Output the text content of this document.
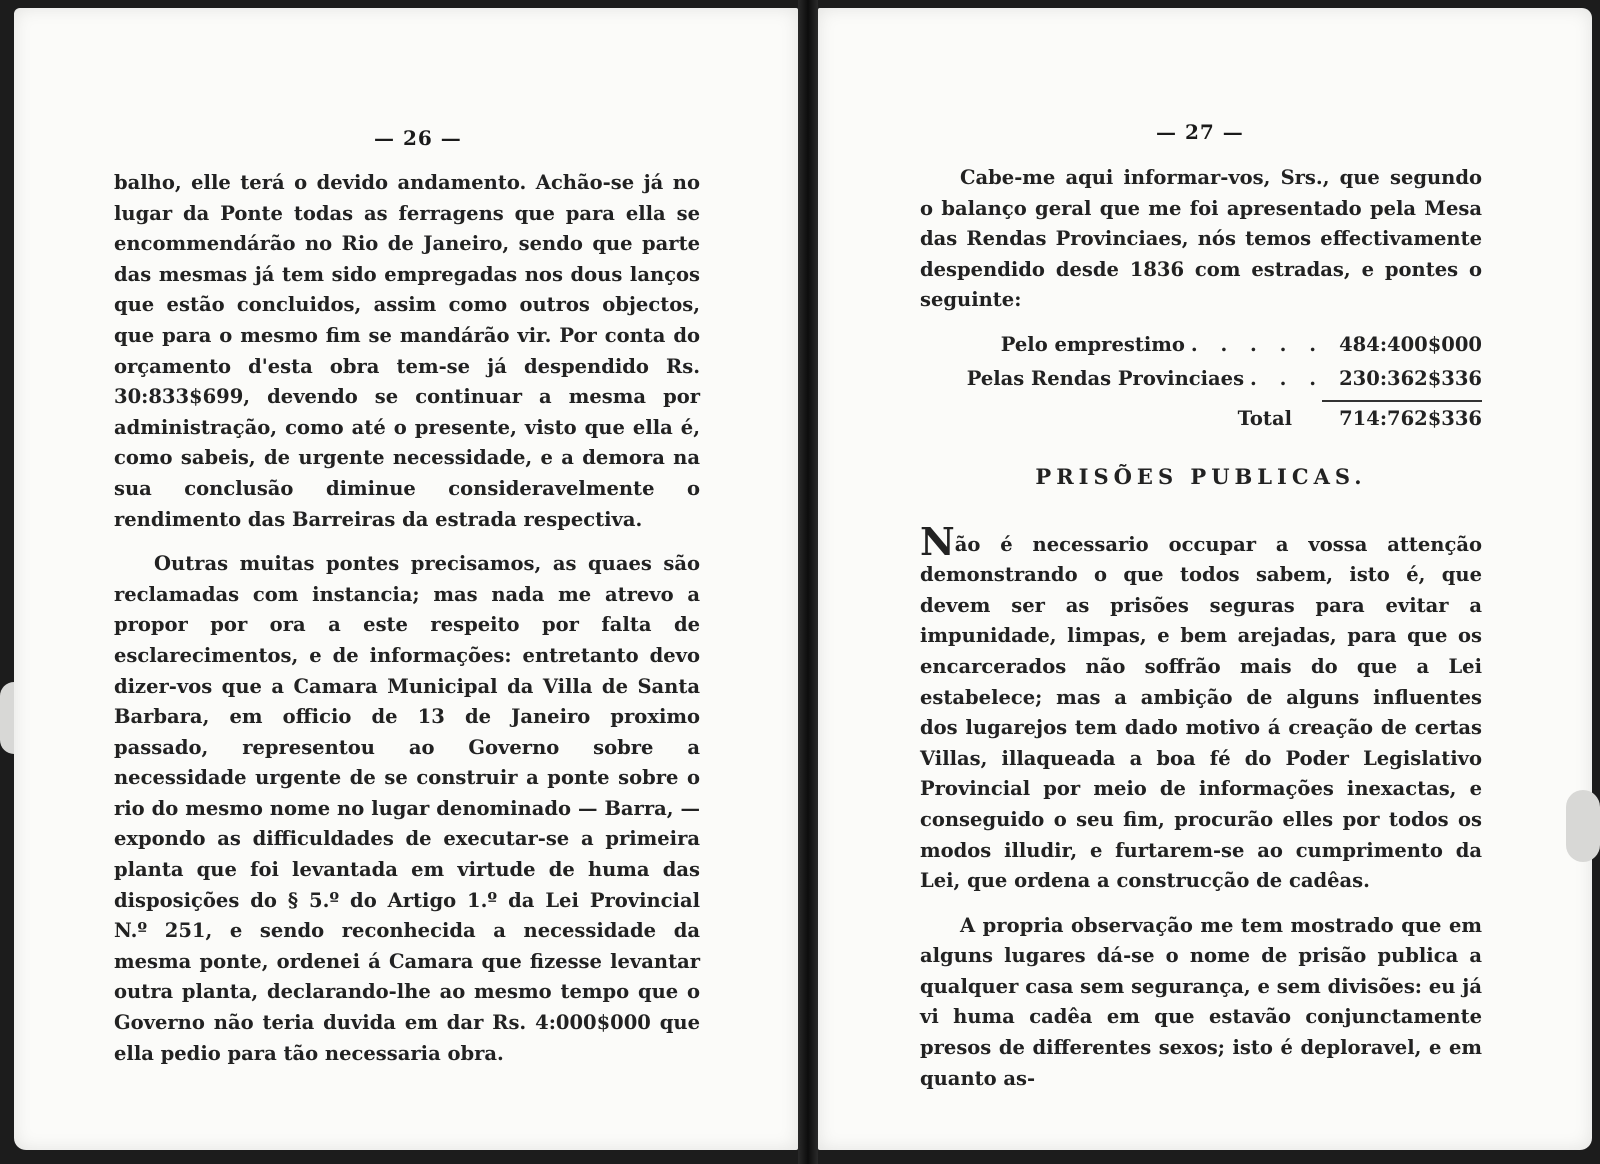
— 26 —

balho, elle terá o devido andamento. Achão-se já no lugar da Ponte todas as ferragens que para ella se encommendárão no Rio de Janeiro, sendo que parte das mesmas já tem sido empregadas nos dous lanços que estão concluidos, assim como outros objectos, que para o mesmo fim se mandárão vir. Por conta do orçamento d'esta obra tem-se já despendido Rs. 30:833$699, devendo se continuar a mesma por administração, como até o presente, visto que ella é, como sabeis, de urgente necessidade, e a demora na sua conclusão diminue consideravelmente o rendimento das Barreiras da estrada respectiva.

Outras muitas pontes precisamos, as quaes são reclamadas com instancia; mas nada me atrevo a propor por ora a este respeito por falta de esclarecimentos, e de informações: entretanto devo dizer-vos que a Camara Municipal da Villa de Santa Barbara, em officio de 13 de Janeiro proximo passado, representou ao Governo sobre a necessidade urgente de se construir a ponte sobre o rio do mesmo nome no lugar denominado — Barra, — expondo as difficuldades de executar-se a primeira planta que foi levantada em virtude de huma das disposições do § 5.º do Artigo 1.º da Lei Provincial N.º 251, e sendo reconhecida a necessidade da mesma ponte, ordenei á Camara que fizesse levantar outra planta, declarando-lhe ao mesmo tempo que o Governo não teria duvida em dar Rs. 4:000$000 que ella pedio para tão necessaria obra.

— 27 —

Cabe-me aqui informar-vos, Srs., que segundo o balanço geral que me foi apresentado pela Mesa das Rendas Provinciaes, nós temos effectivamente despendido desde 1836 com estradas, e pontes o seguinte:

Pelo emprestimo . . . . . 484:400$000
Pelas Rendas Provinciaes . . . 230:362$336
Total	714:762$336
PRISÕES PUBLICAS.

Não é necessario occupar a vossa attenção demonstrando o que todos sabem, isto é, que devem ser as prisões seguras para evitar a impunidade, limpas, e bem arejadas, para que os encarcerados não soffrão mais do que a Lei estabelece; mas a ambição de alguns influentes dos lugarejos tem dado motivo á creação de certas Villas, illaqueada a boa fé do Poder Legislativo Provincial por meio de informações inexactas, e conseguido o seu fim, procurão elles por todos os modos illudir, e furtarem-se ao cumprimento da Lei, que ordena a construcção de cadêas.

A propria observação me tem mostrado que em alguns lugares dá-se o nome de prisão publica a qualquer casa sem segurança, e sem divisões: eu já vi huma cadêa em que estavão conjunctamente presos de differentes sexos; isto é deploravel, e em quanto as-
